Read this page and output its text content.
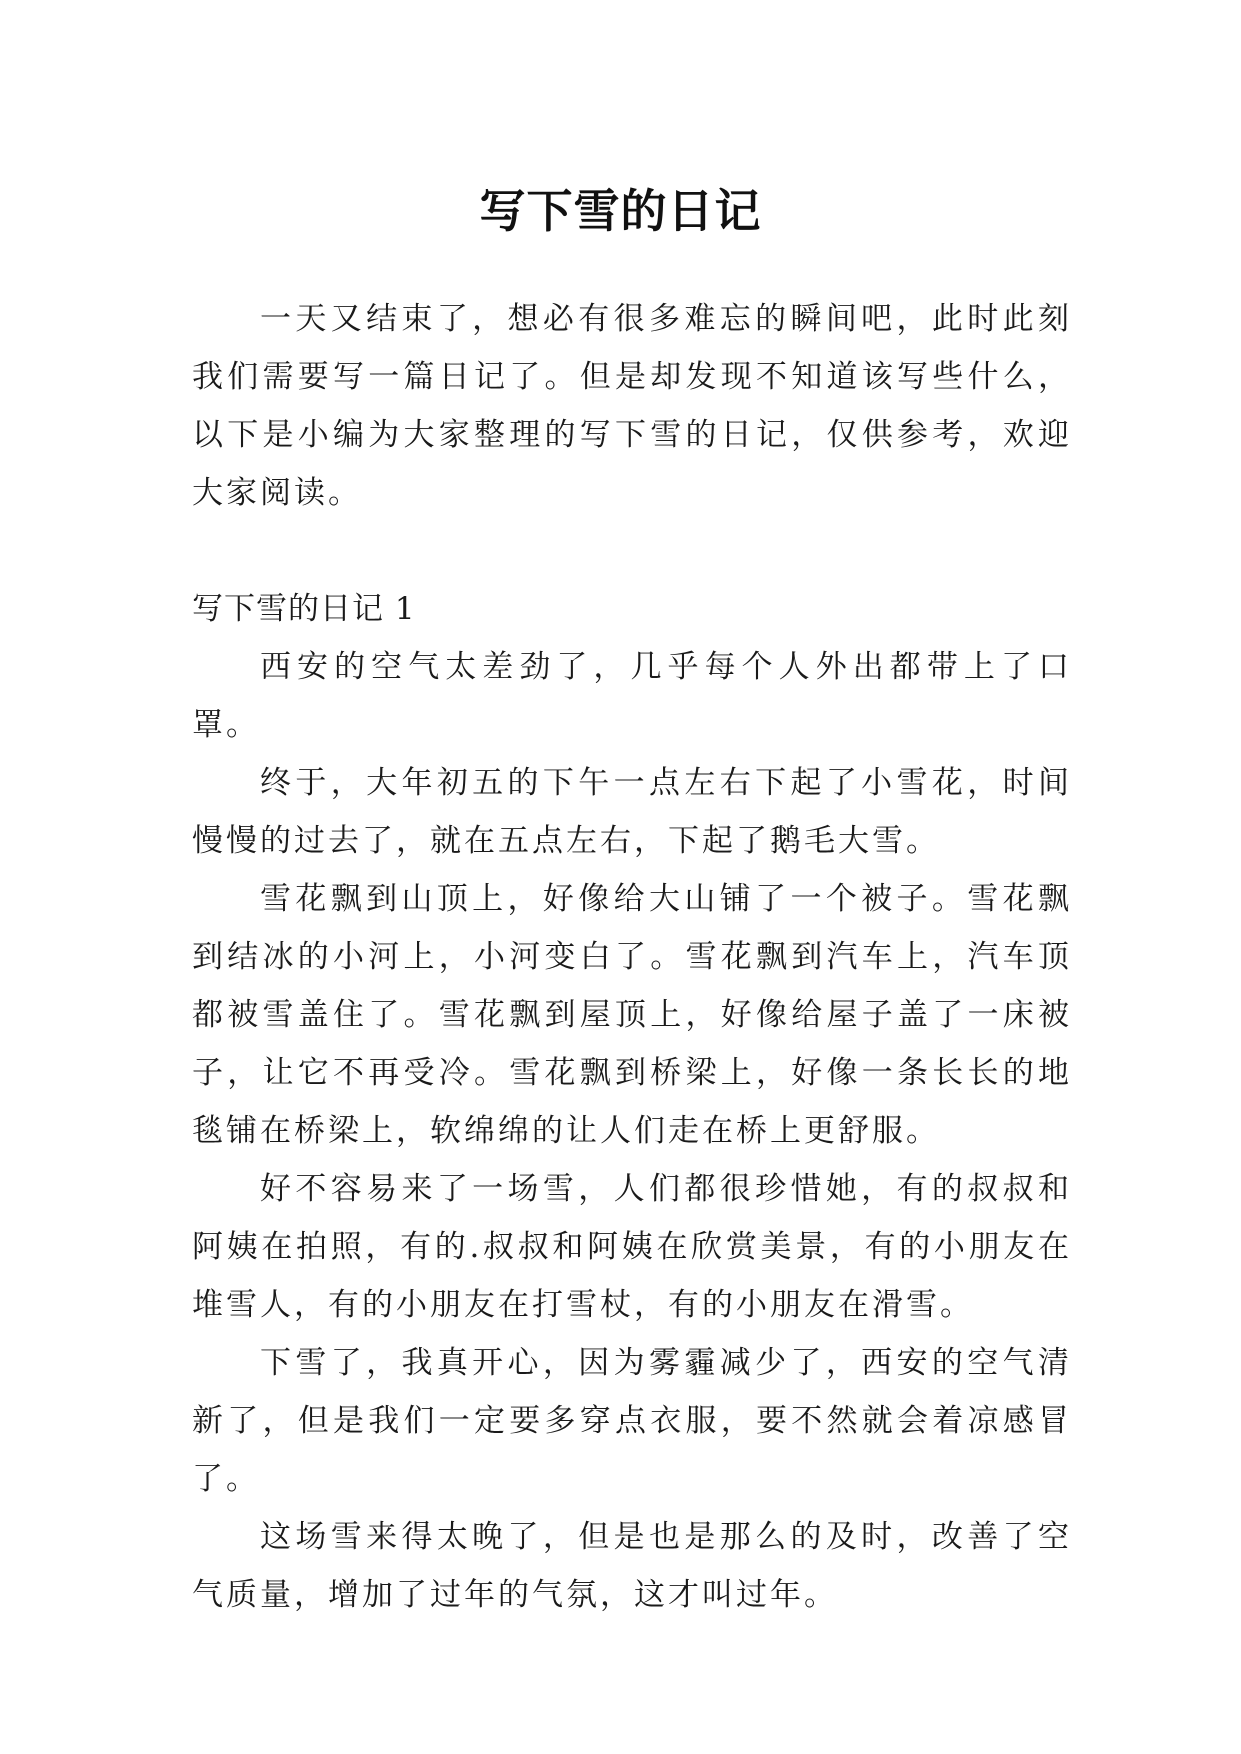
写下雪的日记

一天又结束了，想必有很多难忘的瞬间吧，此时此刻我们需要写一篇日记了。但是却发现不知道该写些什么，以下是小编为大家整理的写下雪的日记，仅供参考，欢迎大家阅读。

写下雪的日记 1

西安的空气太差劲了，几乎每个人外出都带上了口罩。

终于，大年初五的下午一点左右下起了小雪花，时间慢慢的过去了，就在五点左右，下起了鹅毛大雪。

雪花飘到山顶上，好像给大山铺了一个被子。雪花飘到结冰的小河上，小河变白了。雪花飘到汽车上，汽车顶都被雪盖住了。雪花飘到屋顶上，好像给屋子盖了一床被子，让它不再受冷。雪花飘到桥梁上，好像一条长长的地毯铺在桥梁上，软绵绵的让人们走在桥上更舒服。

好不容易来了一场雪，人们都很珍惜她，有的叔叔和阿姨在拍照，有的.叔叔和阿姨在欣赏美景，有的小朋友在堆雪人，有的小朋友在打雪杖，有的小朋友在滑雪。

下雪了，我真开心，因为雾霾减少了，西安的空气清新了，但是我们一定要多穿点衣服，要不然就会着凉感冒了。

这场雪来得太晚了，但是也是那么的及时，改善了空气质量，增加了过年的气氛，这才叫过年。
